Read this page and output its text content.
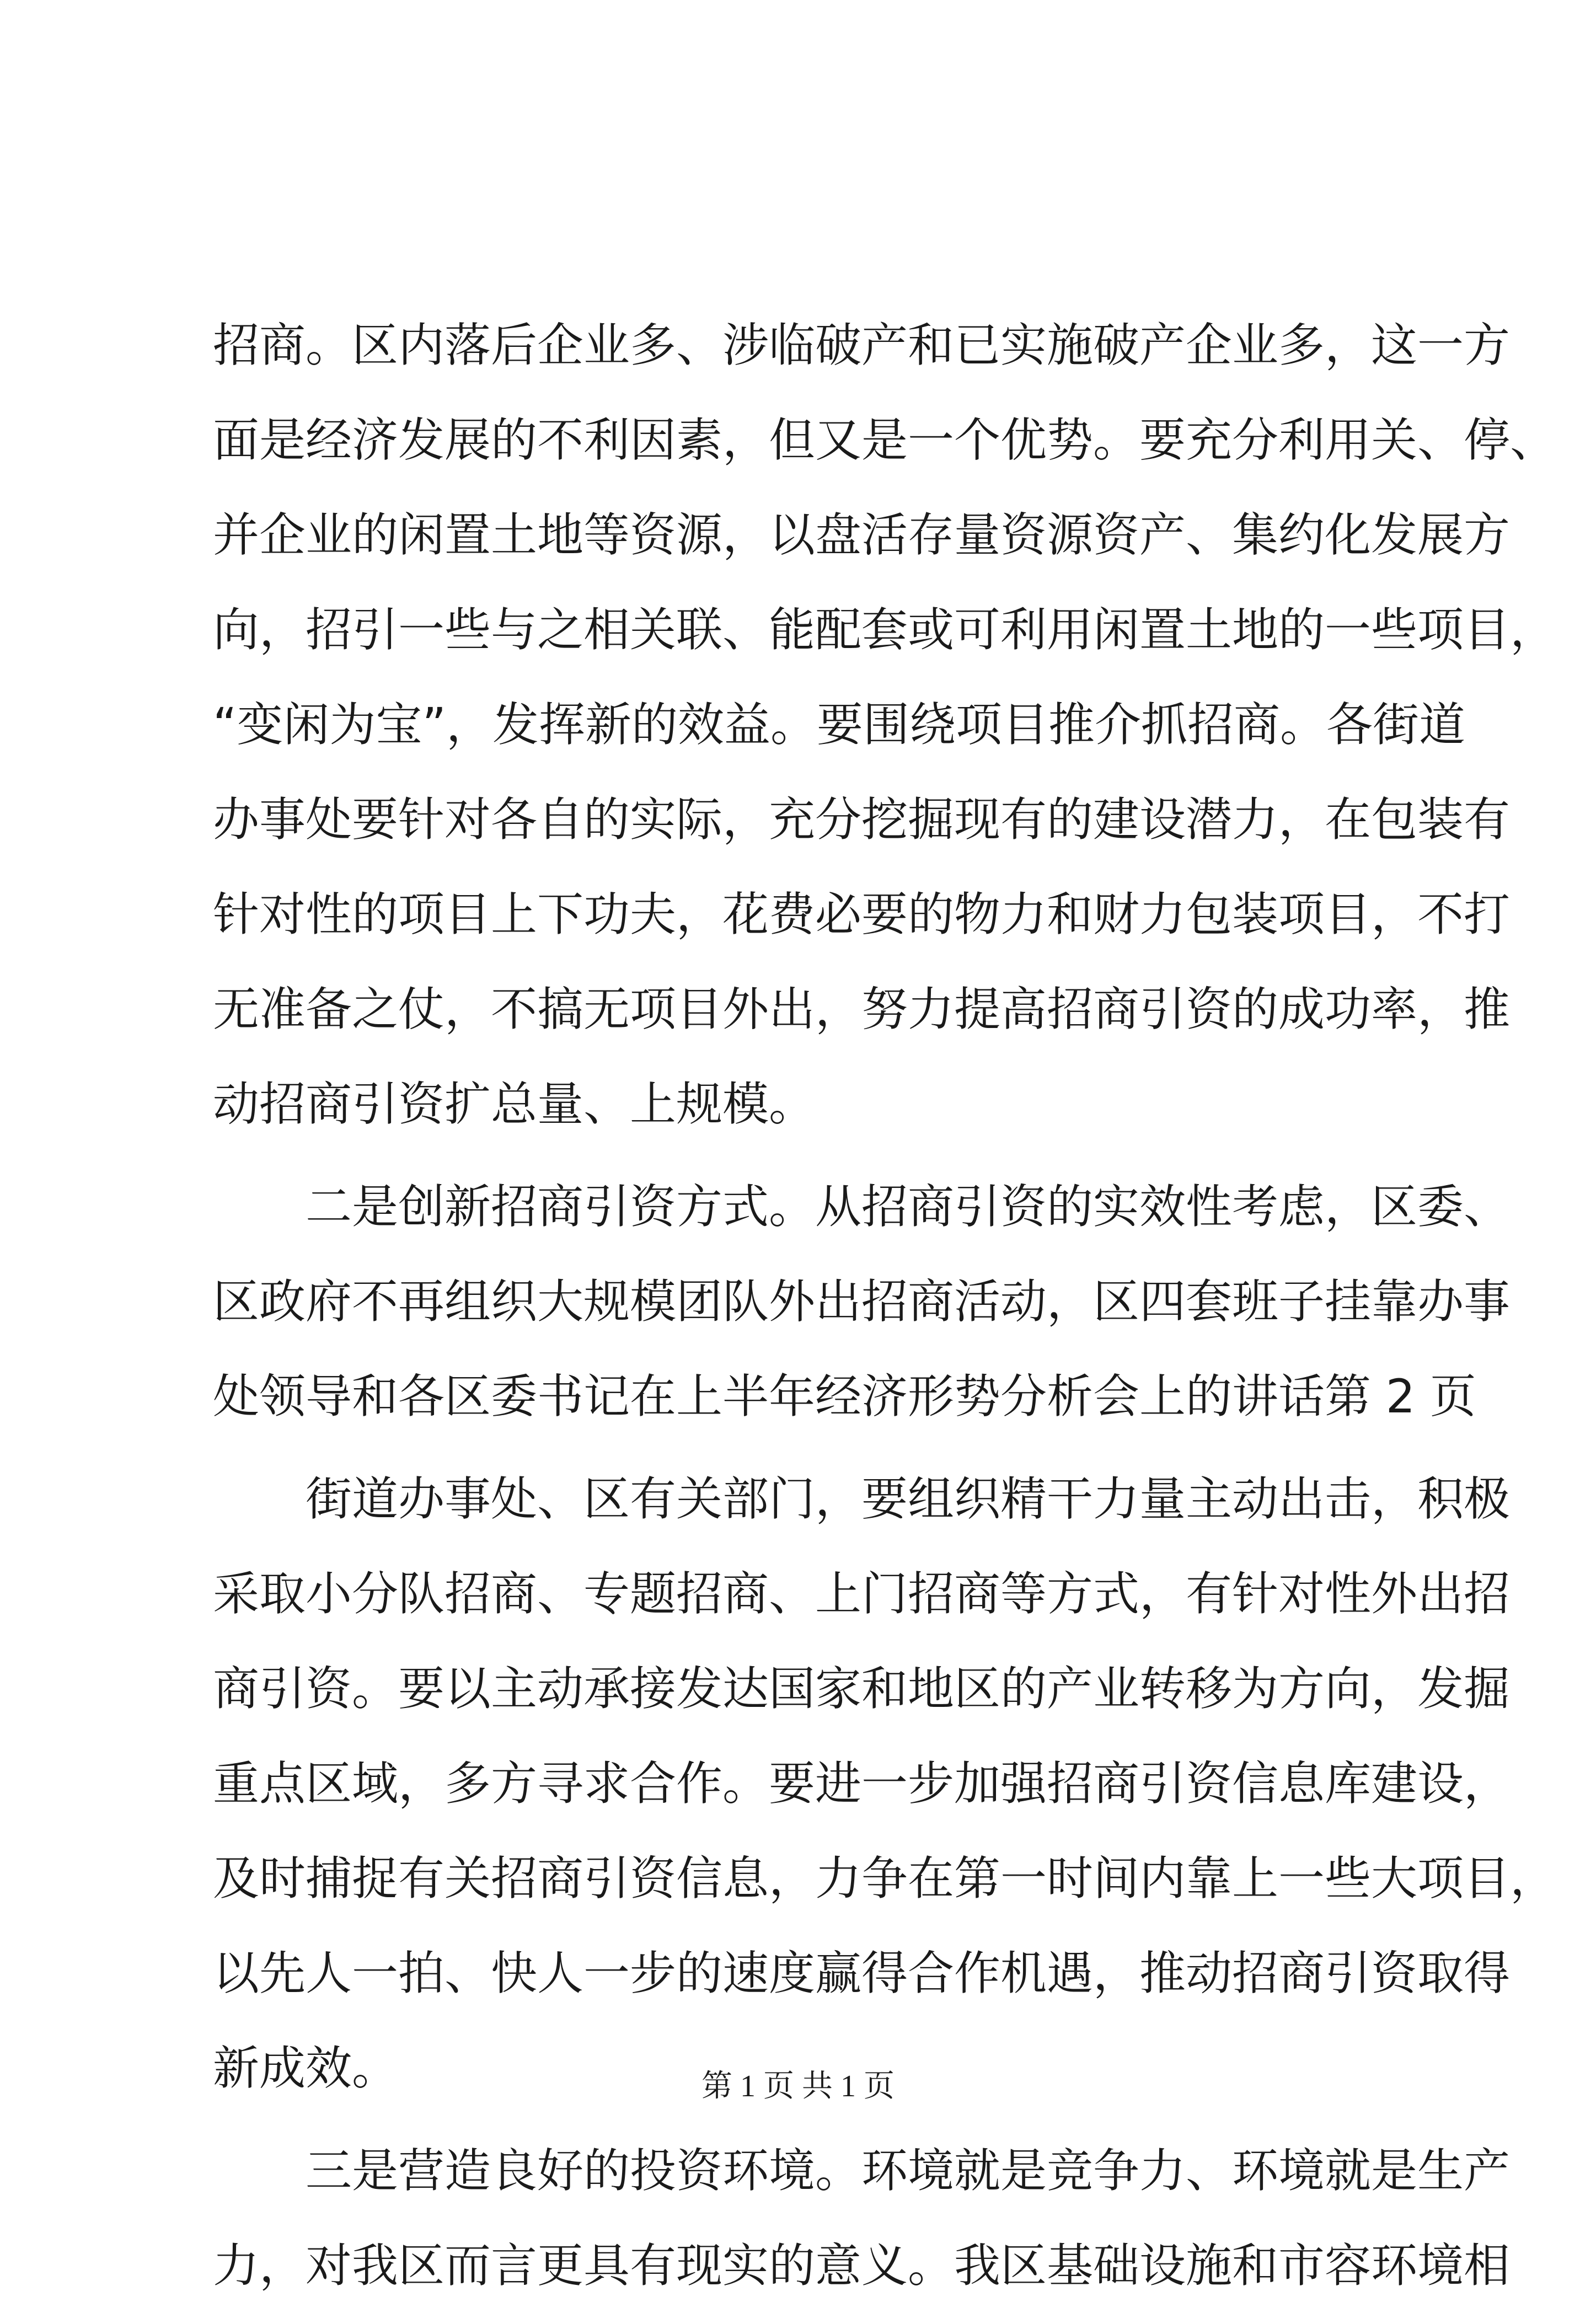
招商。区内落后企业多、涉临破产和已实施破产企业多，这一方
面是经济发展的不利因素，但又是一个优势。要充分利用关、停、
并企业的闲置土地等资源，以盘活存量资源资产、集约化发展方
向，招引一些与之相关联、能配套或可利用闲置土地的一些项目，
“变闲为宝”，发挥新的效益。要围绕项目推介抓招商。各街道
办事处要针对各自的实际，充分挖掘现有的建设潜力，在包装有
针对性的项目上下功夫，花费必要的物力和财力包装项目，不打
无准备之仗，不搞无项目外出，努力提高招商引资的成功率，推
动招商引资扩总量、上规模。
　　二是创新招商引资方式。从招商引资的实效性考虑，区委、
区政府不再组织大规模团队外出招商活动，区四套班子挂靠办事
处领导和各区委书记在上半年经济形势分析会上的讲话第 2 页
　　街道办事处、区有关部门，要组织精干力量主动出击，积极
采取小分队招商、专题招商、上门招商等方式，有针对性外出招
商引资。要以主动承接发达国家和地区的产业转移为方向，发掘
重点区域，多方寻求合作。要进一步加强招商引资信息库建设，
及时捕捉有关招商引资信息，力争在第一时间内靠上一些大项目，
以先人一拍、快人一步的速度赢得合作机遇，推动招商引资取得
新成效。
　　三是营造良好的投资环境。环境就是竞争力、环境就是生产
力，对我区而言更具有现实的意义。我区基础设施和市容环境相
第 1 页 共 1 页
